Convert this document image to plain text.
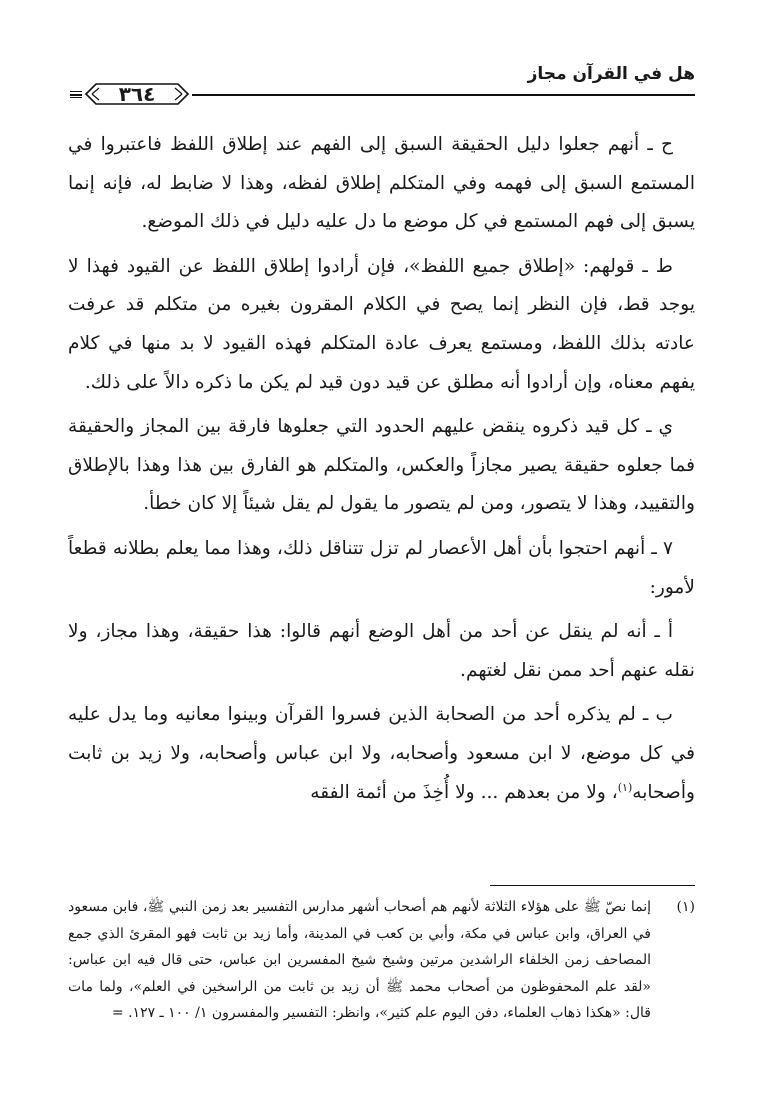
هل في القرآن مجاز
٣٦٤

ح ـ أنهم جعلوا دليل الحقيقة السبق إلى الفهم عند إطلاق اللفظ فاعتبروا في المستمع السبق إلى فهمه وفي المتكلم إطلاق لفظه، وهذا لا ضابط له، فإنه إنما يسبق إلى فهم المستمع في كل موضع ما دل عليه دليل في ذلك الموضع.

ط ـ قولهم: «إطلاق جميع اللفظ»، فإن أرادوا إطلاق اللفظ عن القيود فهذا لا يوجد قط، فإن النظر إنما يصح في الكلام المقرون بغيره من متكلم قد عرفت عادته بذلك اللفظ، ومستمع يعرف عادة المتكلم فهذه القيود لا بد منها في كلام يفهم معناه، وإن أرادوا أنه مطلق عن قيد دون قيد لم يكن ما ذكره دالاً على ذلك.

ي ـ كل قيد ذكروه ينقض عليهم الحدود التي جعلوها فارقة بين المجاز والحقيقة فما جعلوه حقيقة يصير مجازاً والعكس، والمتكلم هو الفارق بين هذا وهذا بالإطلاق والتقييد، وهذا لا يتصور، ومن لم يتصور ما يقول لم يقل شيئاً إلا كان خطأ.

٧ ـ أنهم احتجوا بأن أهل الأعصار لم تزل تتناقل ذلك، وهذا مما يعلم بطلانه قطعاً لأمور:

أ ـ أنه لم ينقل عن أحد من أهل الوضع أنهم قالوا: هذا حقيقة، وهذا مجاز، ولا نقله عنهم أحد ممن نقل لغتهم.

ب ـ لم يذكره أحد من الصحابة الذين فسروا القرآن وبينوا معانيه وما يدل عليه في كل موضع، لا ابن مسعود وأصحابه، ولا ابن عباس وأصحابه، ولا زيد بن ثابت وأصحابه$^{(١)}$، ولا من بعدهم ... ولا أُخِذَ من أئمة الفقه

(١)
إنما نصّ ﷺ على هؤلاء الثلاثة لأنهم هم أصحاب أشهر مدارس التفسير بعد زمن النبي ﷺ، فابن مسعود في العراق، وابن عباس في مكة، وأبي بن كعب في المدينة، وأما زيد بن ثابت فهو المقرئ الذي جمع المصاحف زمن الخلفاء الراشدين مرتين وشيخ شيخ المفسرين ابن عباس، حتى قال فيه ابن عباس: «لقد علم المحفوظون من أصحاب محمد ﷺ أن زيد بن ثابت من الراسخين في العلم»، ولما مات قال: «هكذا ذهاب العلماء، دفن اليوم علم كثير»، وانظر: التفسير والمفسرون ١/ ١٠٠ ـ ١٢٧. =
